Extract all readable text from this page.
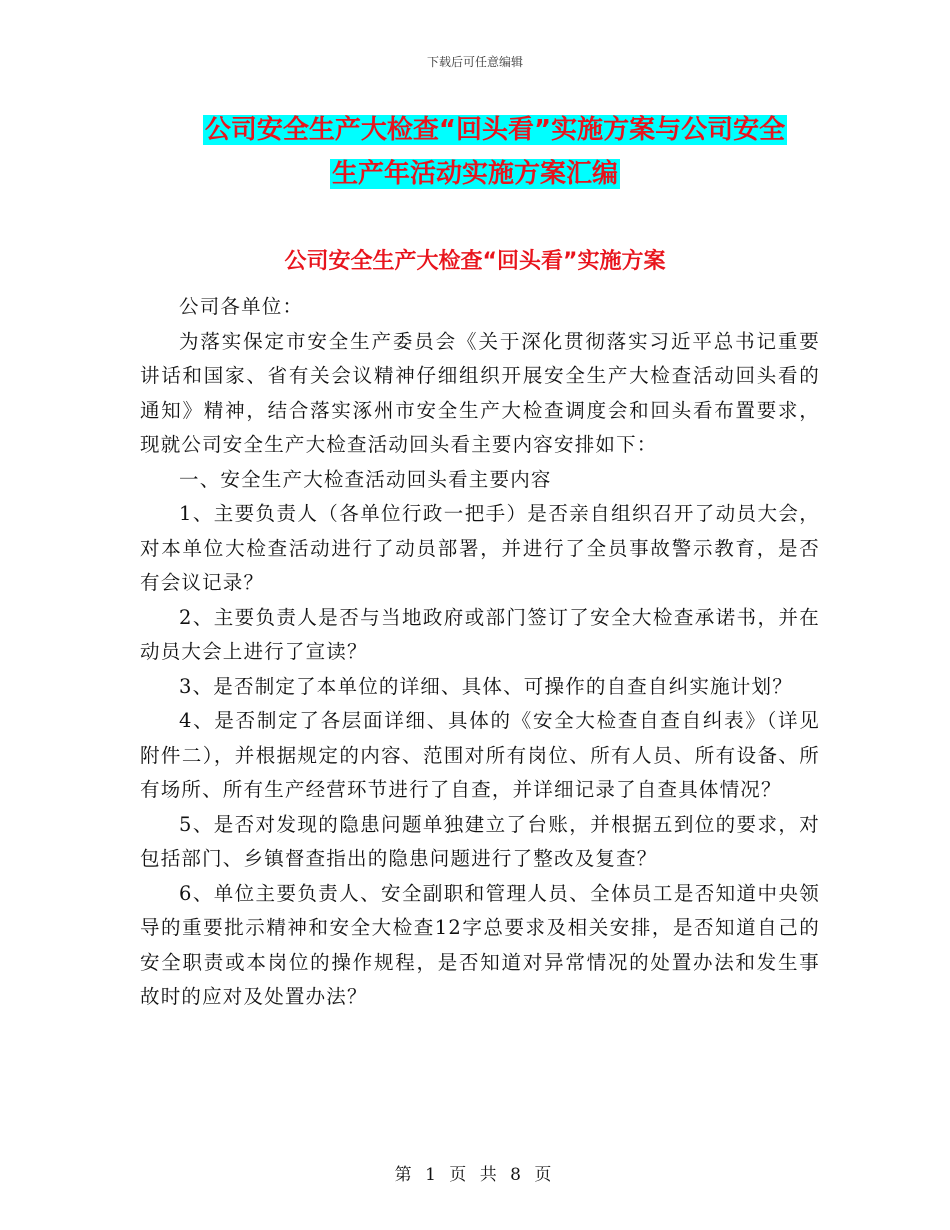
下载后可任意编辑
公司安全生产大检查“回头看”实施方案与公司安全
生产年活动实施方案汇编
公司安全生产大检查“回头看”实施方案

公司各单位：

为落实保定市安全生产委员会《关于深化贯彻落实习近平总书记重要讲话和国家、省有关会议精神仔细组织开展安全生产大检查活动回头看的通知》精神，结合落实涿州市安全生产大检查调度会和回头看布置要求，现就公司安全生产大检查活动回头看主要内容安排如下：

一、安全生产大检查活动回头看主要内容

1、主要负责人（各单位行政一把手）是否亲自组织召开了动员大会，对本单位大检查活动进行了动员部署，并进行了全员事故警示教育，是否有会议记录？

2、主要负责人是否与当地政府或部门签订了安全大检查承诺书，并在动员大会上进行了宣读？

3、是否制定了本单位的详细、具体、可操作的自查自纠实施计划？

4、是否制定了各层面详细、具体的《安全大检查自查自纠表》（详见附件二），并根据规定的内容、范围对所有岗位、所有人员、所有设备、所有场所、所有生产经营环节进行了自查，并详细记录了自查具体情况？

5、是否对发现的隐患问题单独建立了台账，并根据五到位的要求，对包括部门、乡镇督查指出的隐患问题进行了整改及复查？

6、单位主要负责人、安全副职和管理人员、全体员工是否知道中央领导的重要批示精神和安全大检查12字总要求及相关安排，是否知道自己的安全职责或本岗位的操作规程，是否知道对异常情况的处置办法和发生事故时的应对及处置办法？

第 1 页 共 8 页
